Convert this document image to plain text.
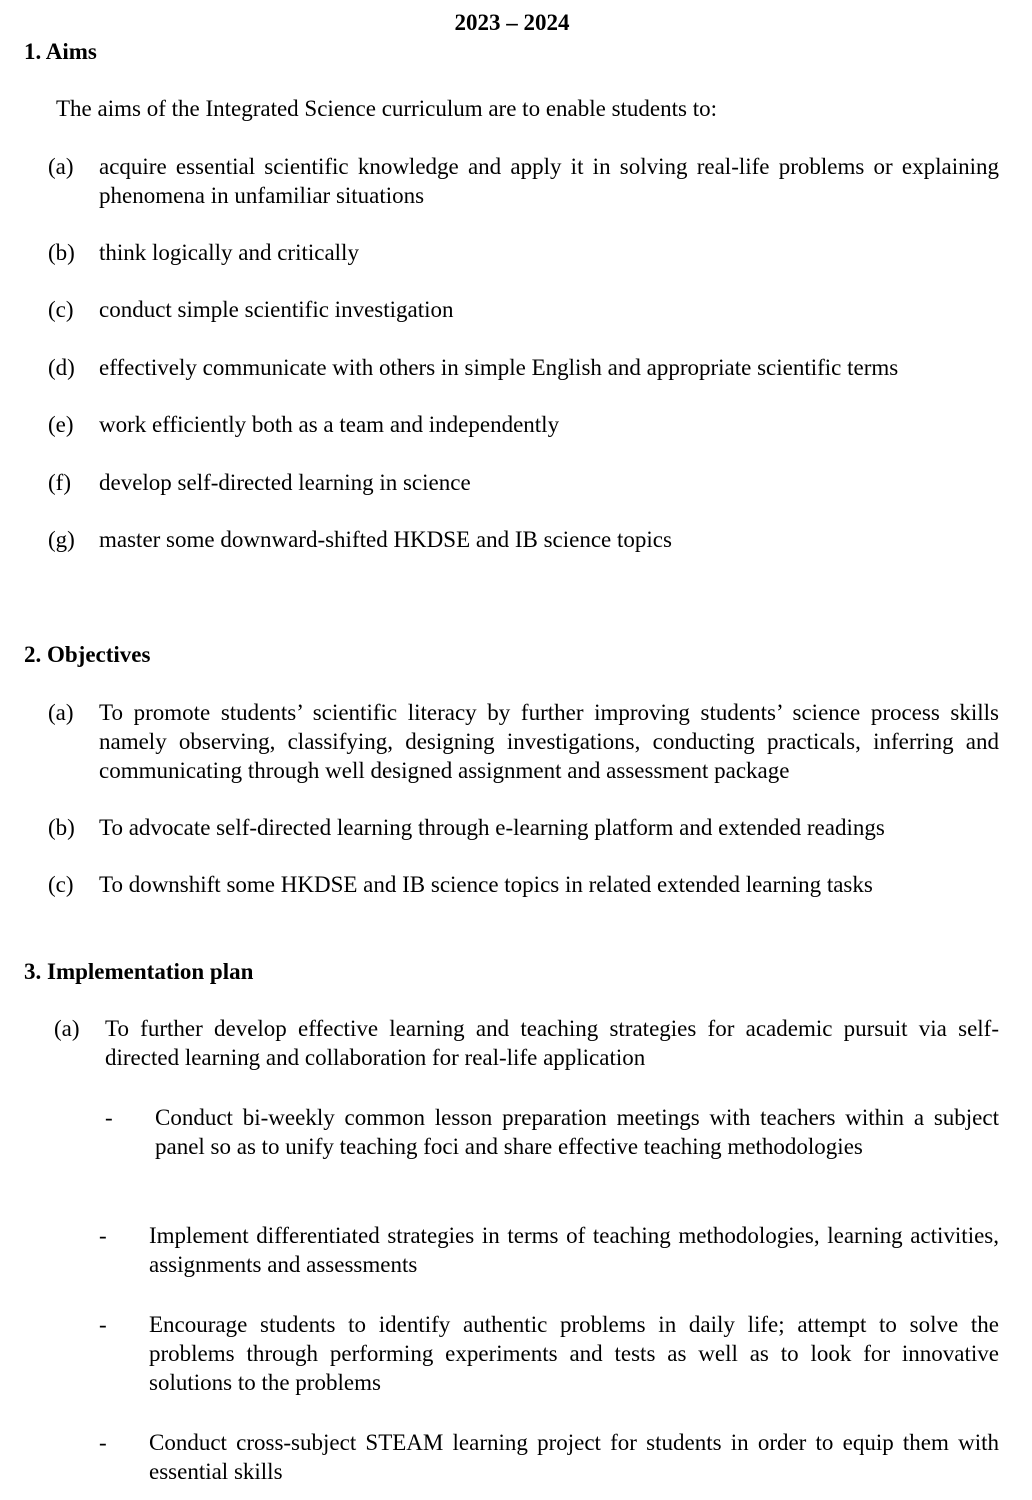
2023 – 2024
1. Aims
The aims of the Integrated Science curriculum are to enable students to:
(a) acquire essential scientific knowledge and apply it in solving real-life problems or explaining phenomena in unfamiliar situations
(b) think logically and critically
(c) conduct simple scientific investigation
(d) effectively communicate with others in simple English and appropriate scientific terms
(e) work efficiently both as a team and independently
(f) develop self-directed learning in science
(g) master some downward-shifted HKDSE and IB science topics
2. Objectives
(a) To promote students’ scientific literacy by further improving students’ science process skills namely observing, classifying, designing investigations, conducting practicals, inferring and communicating through well designed assignment and assessment package
(b) To advocate self-directed learning through e-learning platform and extended readings
(c) To downshift some HKDSE and IB science topics in related extended learning tasks
3. Implementation plan
(a) To further develop effective learning and teaching strategies for academic pursuit via self-directed learning and collaboration for real-life application
- Conduct bi-weekly common lesson preparation meetings with teachers within a subject panel so as to unify teaching foci and share effective teaching methodologies
- Implement differentiated strategies in terms of teaching methodologies, learning activities, assignments and assessments
- Encourage students to identify authentic problems in daily life; attempt to solve the problems through performing experiments and tests as well as to look for innovative solutions to the problems
- Conduct cross-subject STEAM learning project for students in order to equip them with essential skills
